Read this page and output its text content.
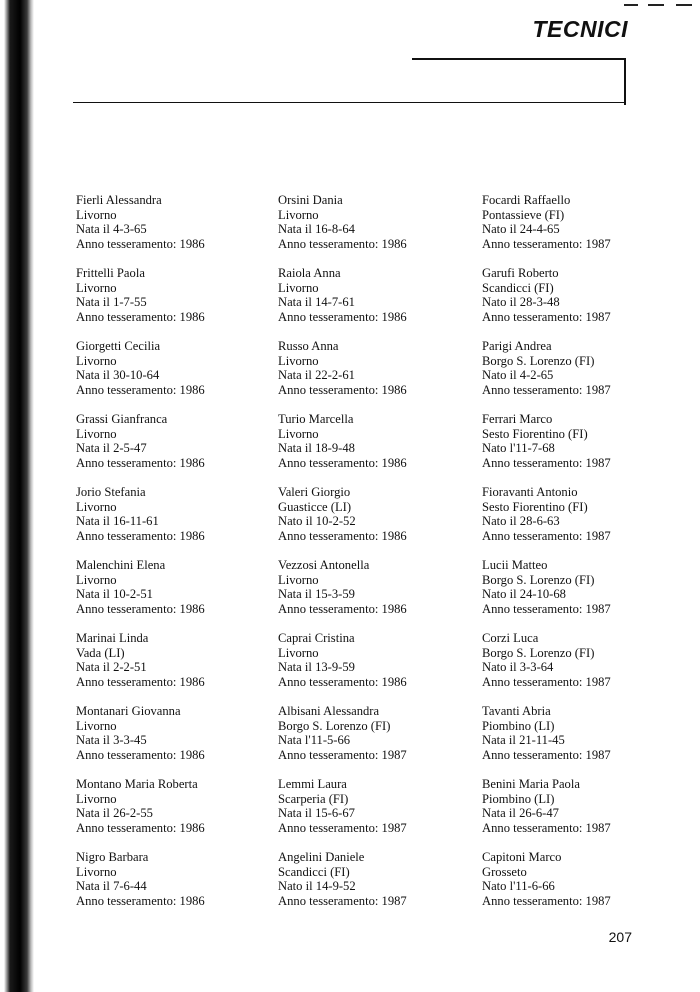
TECNICI
Fierli Alessandra
Livorno
Nata il 4-3-65
Anno tesseramento: 1986
Frittelli Paola
Livorno
Nata il 1-7-55
Anno tesseramento: 1986
Giorgetti Cecilia
Livorno
Nata il 30-10-64
Anno tesseramento: 1986
Grassi Gianfranca
Livorno
Nata il 2-5-47
Anno tesseramento: 1986
Jorio Stefania
Livorno
Nata il 16-11-61
Anno tesseramento: 1986
Malenchini Elena
Livorno
Nata il 10-2-51
Anno tesseramento: 1986
Marinai Linda
Vada (LI)
Nata il 2-2-51
Anno tesseramento: 1986
Montanari Giovanna
Livorno
Nata il 3-3-45
Anno tesseramento: 1986
Montano Maria Roberta
Livorno
Nata il 26-2-55
Anno tesseramento: 1986
Nigro Barbara
Livorno
Nata il 7-6-44
Anno tesseramento: 1986
Orsini Dania
Livorno
Nata il 16-8-64
Anno tesseramento: 1986
Raiola Anna
Livorno
Nata il 14-7-61
Anno tesseramento: 1986
Russo Anna
Livorno
Nata il 22-2-61
Anno tesseramento: 1986
Turio Marcella
Livorno
Nata il 18-9-48
Anno tesseramento: 1986
Valeri Giorgio
Guasticce (LI)
Nato il 10-2-52
Anno tesseramento: 1986
Vezzosi Antonella
Livorno
Nata il 15-3-59
Anno tesseramento: 1986
Caprai Cristina
Livorno
Nata il 13-9-59
Anno tesseramento: 1986
Albisani Alessandra
Borgo S. Lorenzo (FI)
Nata l'11-5-66
Anno tesseramento: 1987
Lemmi Laura
Scarperia (FI)
Nata il 15-6-67
Anno tesseramento: 1987
Angelini Daniele
Scandicci (FI)
Nato il 14-9-52
Anno tesseramento: 1987
Focardi Raffaello
Pontassieve (FI)
Nato il 24-4-65
Anno tesseramento: 1987
Garufi Roberto
Scandicci (FI)
Nato il 28-3-48
Anno tesseramento: 1987
Parigi Andrea
Borgo S. Lorenzo (FI)
Nato il 4-2-65
Anno tesseramento: 1987
Ferrari Marco
Sesto Fiorentino (FI)
Nato l'11-7-68
Anno tesseramento: 1987
Fioravanti Antonio
Sesto Fiorentino (FI)
Nato il 28-6-63
Anno tesseramento: 1987
Lucii Matteo
Borgo S. Lorenzo (FI)
Nato il 24-10-68
Anno tesseramento: 1987
Corzi Luca
Borgo S. Lorenzo (FI)
Nato il 3-3-64
Anno tesseramento: 1987
Tavanti Abria
Piombino (LI)
Nata il 21-11-45
Anno tesseramento: 1987
Benini Maria Paola
Piombino (LI)
Nata il 26-6-47
Anno tesseramento: 1987
Capitoni Marco
Grosseto
Nato l'11-6-66
Anno tesseramento: 1987
207
